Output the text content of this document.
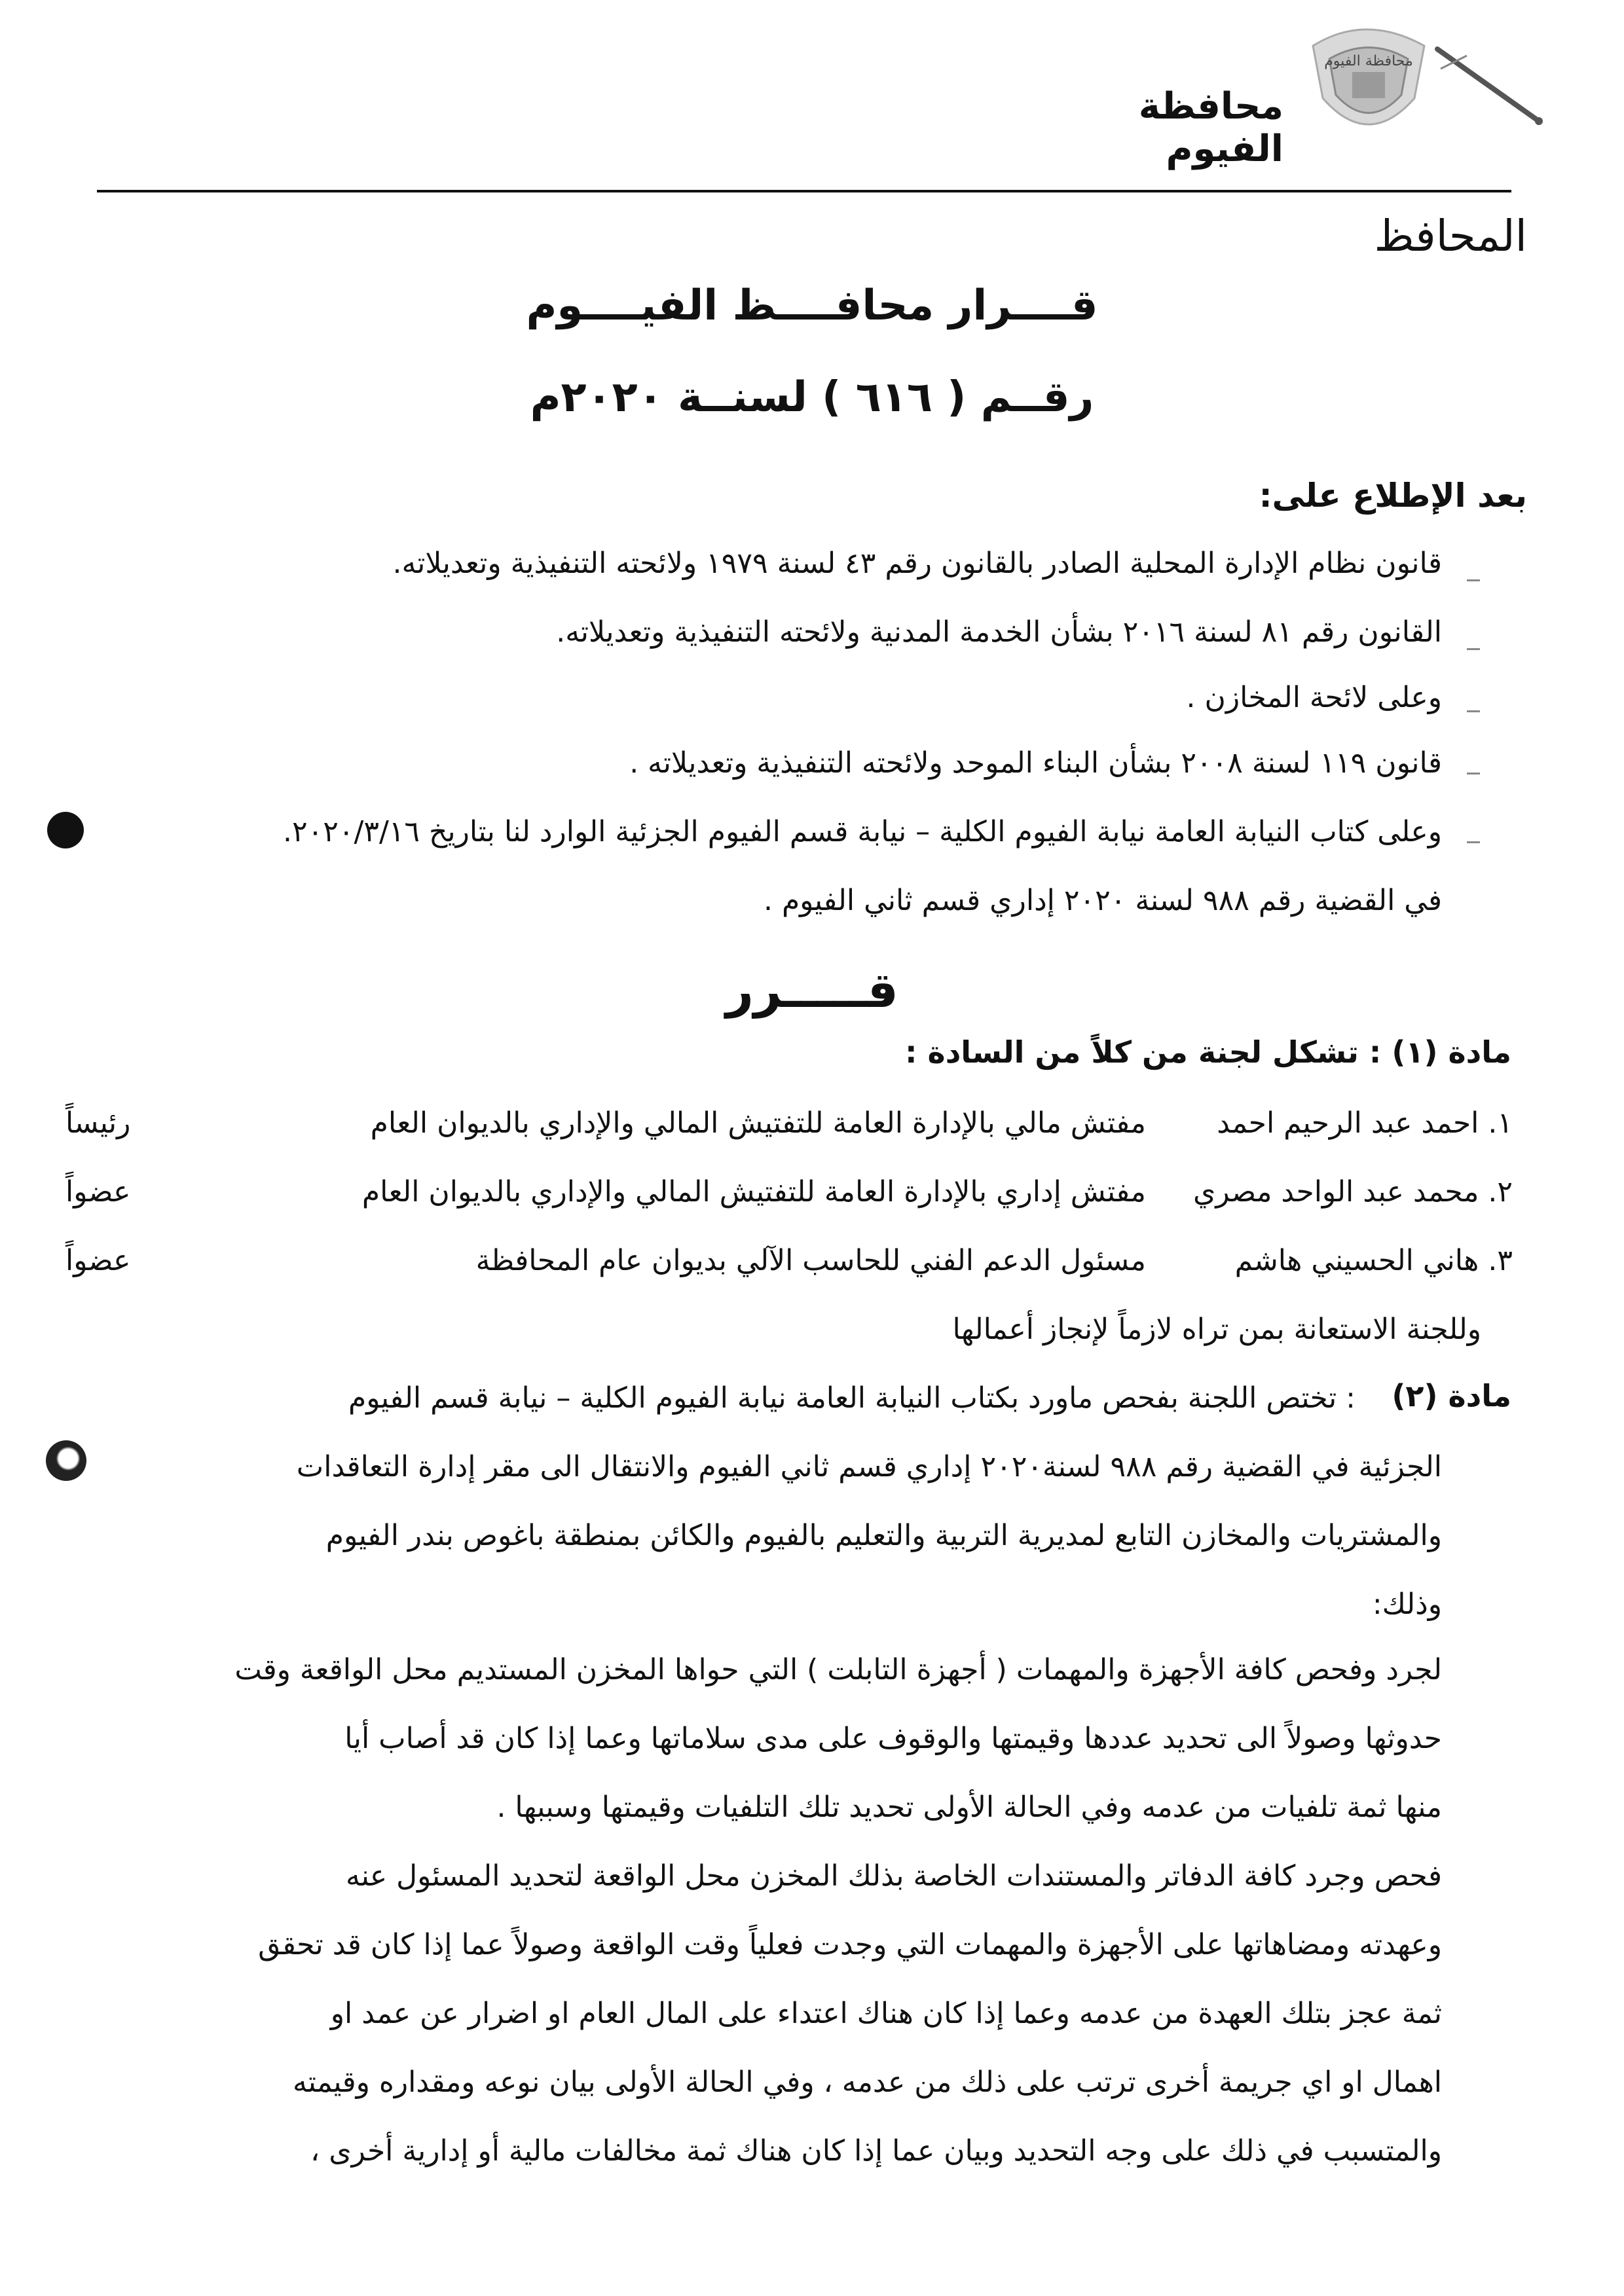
محافظة الفيوم
محافظة الفيوم
المحافظ
قــــرار محافــــظ الفيــــوم
رقــم ( ٦١٦ ) لسنــة ٢٠٢٠م
بعد الإطلاع على:
قانون نظام الإدارة المحلية الصادر بالقانون رقم ٤٣ لسنة ١٩٧٩ ولائحته التنفيذية وتعديلاته.
القانون رقم ٨١ لسنة ٢٠١٦ بشأن الخدمة المدنية ولائحته التنفيذية وتعديلاته.
وعلى لائحة المخازن .
قانون ١١٩ لسنة ٢٠٠٨ بشأن البناء الموحد ولائحته التنفيذية وتعديلاته .
وعلى كتاب النيابة العامة نيابة الفيوم الكلية – نيابة قسم الفيوم الجزئية الوارد لنا بتاريخ ٢٠٢٠/٣/١٦.
في القضية رقم ٩٨٨ لسنة ٢٠٢٠ إداري قسم ثاني الفيوم .
قـــــرر
مادة (١) : تشكل لجنة من كلاً من السادة :
١. احمد عبد الرحيم احمد
مفتش مالي بالإدارة العامة للتفتيش المالي والإداري بالديوان العام
رئيساً
٢. محمد عبد الواحد مصري
مفتش إداري بالإدارة العامة للتفتيش المالي والإداري بالديوان العام
عضواً
٣. هاني الحسيني هاشم
مسئول الدعم الفني للحاسب الآلي بديوان عام المحافظة
عضواً
وللجنة الاستعانة بمن تراه لازماً لإنجاز أعمالها
مادة (٢)
: تختص اللجنة بفحص ماورد بكتاب النيابة العامة نيابة الفيوم الكلية – نيابة قسم الفيوم
الجزئية في القضية رقم ٩٨٨ لسنة٢٠٢٠ إداري قسم ثاني الفيوم والانتقال الى مقر إدارة التعاقدات
والمشتريات والمخازن التابع لمديرية التربية والتعليم بالفيوم والكائن بمنطقة باغوص بندر الفيوم
وذلك:
لجرد وفحص كافة الأجهزة والمهمات ( أجهزة التابلت ) التي حواها المخزن المستديم محل الواقعة وقت
حدوثها وصولاً الى تحديد عددها وقيمتها والوقوف على مدى سلاماتها وعما إذا كان قد أصاب أيا
منها ثمة تلفيات من عدمه وفي الحالة الأولى تحديد تلك التلفيات وقيمتها وسببها .
فحص وجرد كافة الدفاتر والمستندات الخاصة بذلك المخزن محل الواقعة لتحديد المسئول عنه
وعهدته ومضاهاتها على الأجهزة والمهمات التي وجدت فعلياً وقت الواقعة وصولاً عما إذا كان قد تحقق
ثمة عجز بتلك العهدة من عدمه وعما إذا كان هناك اعتداء على المال العام او اضرار عن عمد او
اهمال او اي جريمة أخرى ترتب على ذلك من عدمه ، وفي الحالة الأولى بيان نوعه ومقداره وقيمته
والمتسبب في ذلك على وجه التحديد وبيان عما إذا كان هناك ثمة مخالفات مالية أو إدارية أخرى ،
